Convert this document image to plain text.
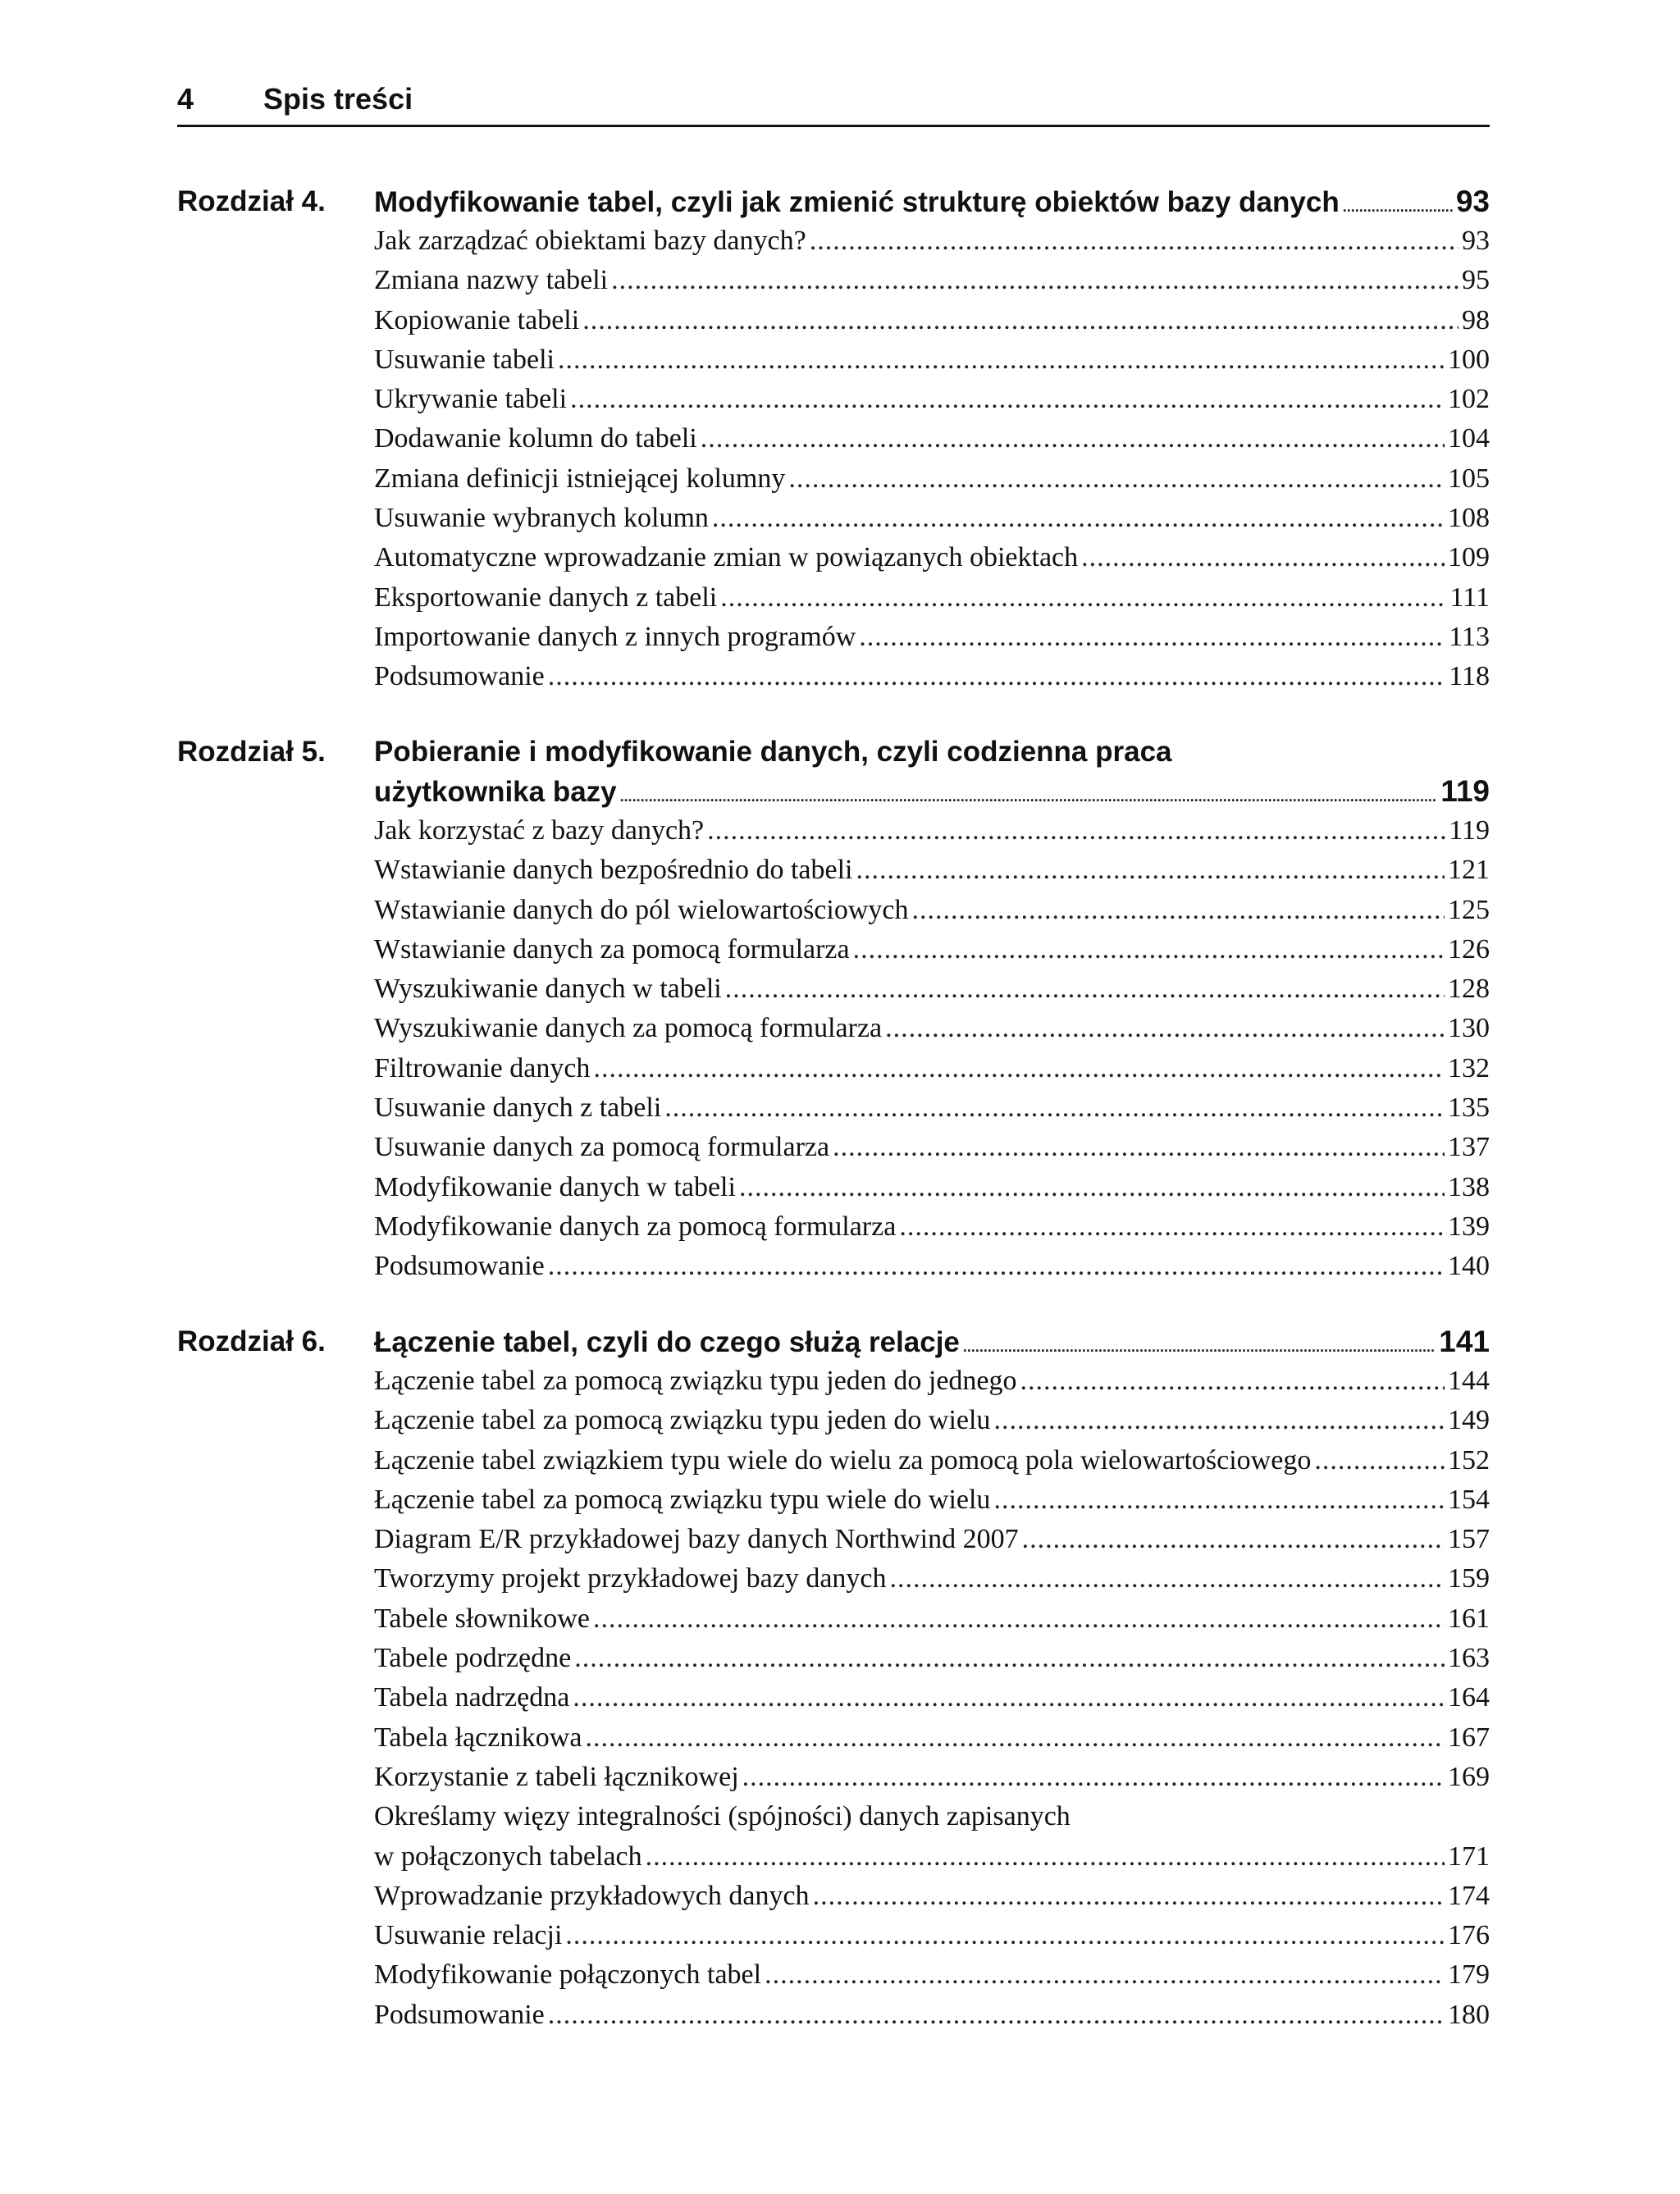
4 Spis treści
Rozdział 4. Modyfikowanie tabel, czyli jak zmienić strukturę obiektów bazy danych .....	93
Jak zarządzać obiektami bazy danych? .....	93
Zmiana nazwy tabeli .....	95
Kopiowanie tabeli .....	98
Usuwanie tabeli .....	100
Ukrywanie tabeli .....	102
Dodawanie kolumn do tabeli .....	104
Zmiana definicji istniejącej kolumny .....	105
Usuwanie wybranych kolumn .....	108
Automatyczne wprowadzanie zmian w powiązanych obiektach .....	109
Eksportowanie danych z tabeli .....	111
Importowanie danych z innych programów .....	113
Podsumowanie .....	118
Rozdział 5. Pobieranie i modyfikowanie danych, czyli codzienna praca
użytkownika bazy .....	119
Jak korzystać z bazy danych? .....	119
Wstawianie danych bezpośrednio do tabeli .....	121
Wstawianie danych do pól wielowartościowych .....	125
Wstawianie danych za pomocą formularza .....	126
Wyszukiwanie danych w tabeli .....	128
Wyszukiwanie danych za pomocą formularza .....	130
Filtrowanie danych .....	132
Usuwanie danych z tabeli .....	135
Usuwanie danych za pomocą formularza .....	137
Modyfikowanie danych w tabeli .....	138
Modyfikowanie danych za pomocą formularza .....	139
Podsumowanie .....	140
Rozdział 6. Łączenie tabel, czyli do czego służą relacje .....	141
Łączenie tabel za pomocą związku typu jeden do jednego .....	144
Łączenie tabel za pomocą związku typu jeden do wielu .....	149
Łączenie tabel związkiem typu wiele do wielu za pomocą pola wielowartościowego .....	152
Łączenie tabel za pomocą związku typu wiele do wielu .....	154
Diagram E/R przykładowej bazy danych Northwind 2007 .....	157
Tworzymy projekt przykładowej bazy danych .....	159
Tabele słownikowe .....	161
Tabele podrzędne .....	163
Tabela nadrzędna .....	164
Tabela łącznikowa .....	167
Korzystanie z tabeli łącznikowej .....	169
Określamy więzy integralności (spójności) danych zapisanych
w połączonych tabelach .....	171
Wprowadzanie przykładowych danych .....	174
Usuwanie relacji .....	176
Modyfikowanie połączonych tabel .....	179
Podsumowanie .....	180
